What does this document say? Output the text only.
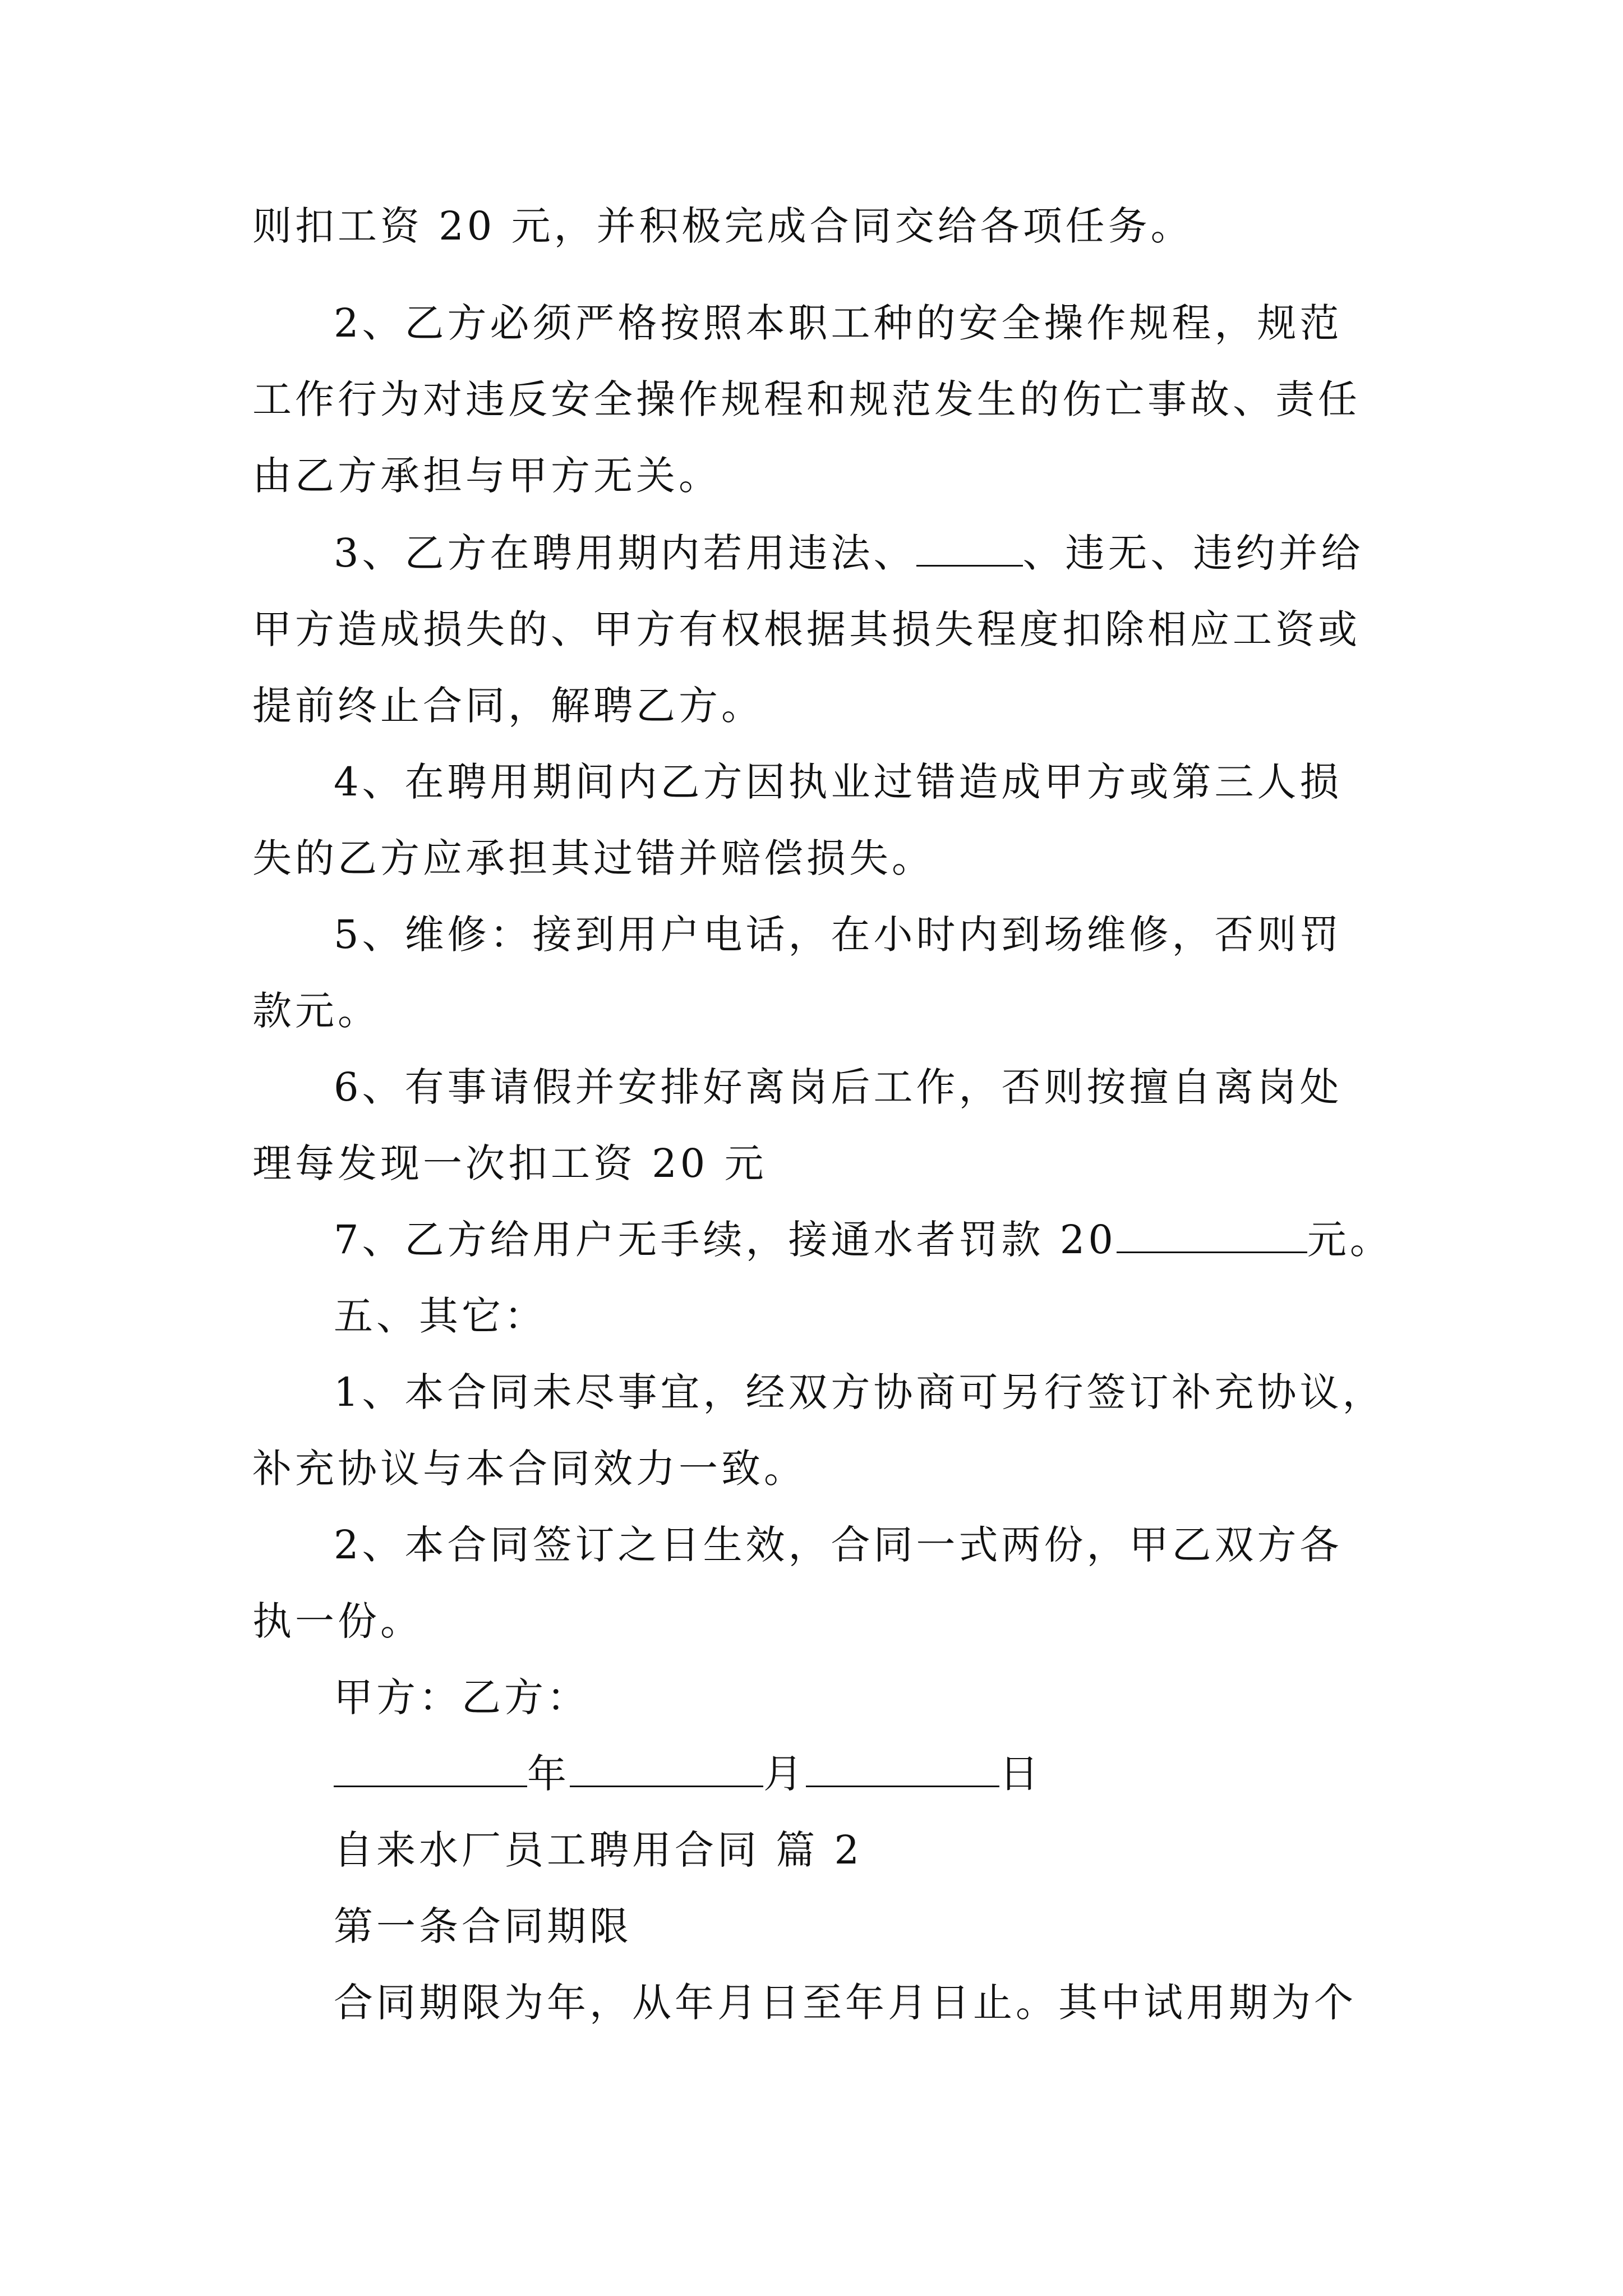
则扣工资 20 元，并积极完成合同交给各项任务。
2、乙方必须严格按照本职工种的安全操作规程，规范
工作行为对违反安全操作规程和规范发生的伤亡事故、责任
由乙方承担与甲方无关。
3、乙方在聘用期内若用违法、	、违无、违约并给
甲方造成损失的、甲方有权根据其损失程度扣除相应工资或
提前终止合同，解聘乙方。
4、在聘用期间内乙方因执业过错造成甲方或第三人损
失的乙方应承担其过错并赔偿损失。
5、维修：接到用户电话，在小时内到场维修，否则罚
款元。
6、有事请假并安排好离岗后工作，否则按擅自离岗处
理每发现一次扣工资 20 元
7、乙方给用户无手续，接通水者罚款 20	元。
五、其它：
1、本合同未尽事宜，经双方协商可另行签订补充协议，
补充协议与本合同效力一致。
2、本合同签订之日生效，合同一式两份，甲乙双方各
执一份。
甲方：乙方：
年	月	日
自来水厂员工聘用合同 篇 2
第一条合同期限
合同期限为年，从年月日至年月日止。其中试用期为个
